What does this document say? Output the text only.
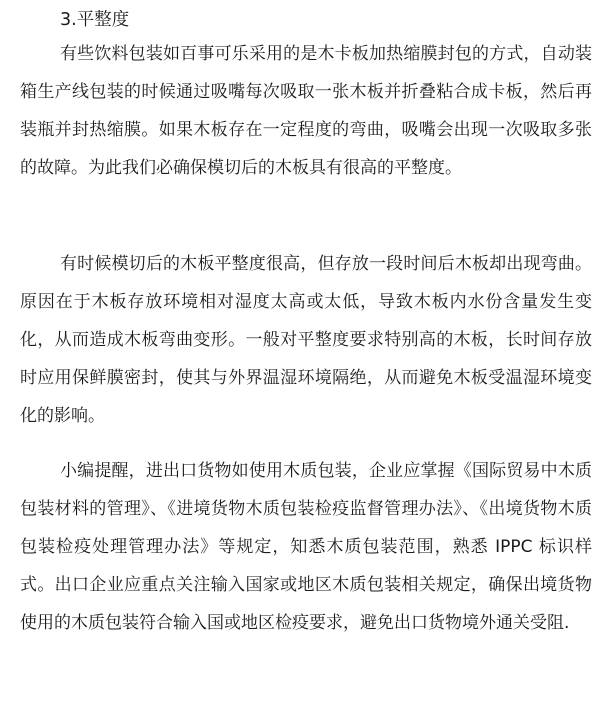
3.平整度

有些饮料包装如百事可乐采用的是木卡板加热缩膜封包的方式，自动装箱生产线包装的时候通过吸嘴每次吸取一张木板并折叠粘合成卡板，然后再装瓶并封热缩膜。如果木板存在一定程度的弯曲，吸嘴会出现一次吸取多张的故障。为此我们必确保模切后的木板具有很高的平整度。

有时候模切后的木板平整度很高，但存放一段时间后木板却出现弯曲。原因在于木板存放环境相对湿度太高或太低，导致木板内水份含量发生变化，从而造成木板弯曲变形。一般对平整度要求特别高的木板，长时间存放时应用保鲜膜密封，使其与外界温湿环境隔绝，从而避免木板受温湿环境变化的影响。

小编提醒，进出口货物如使用木质包装，企业应掌握《国际贸易中木质包装材料的管理》、《进境货物木质包装检疫监督管理办法》、《出境货物木质包装检疫处理管理办法》等规定，知悉木质包装范围，熟悉 IPPC 标识样式。出口企业应重点关注输入国家或地区木质包装相关规定，确保出境货物使用的木质包装符合输入国或地区检疫要求，避免出口货物境外通关受阻.
